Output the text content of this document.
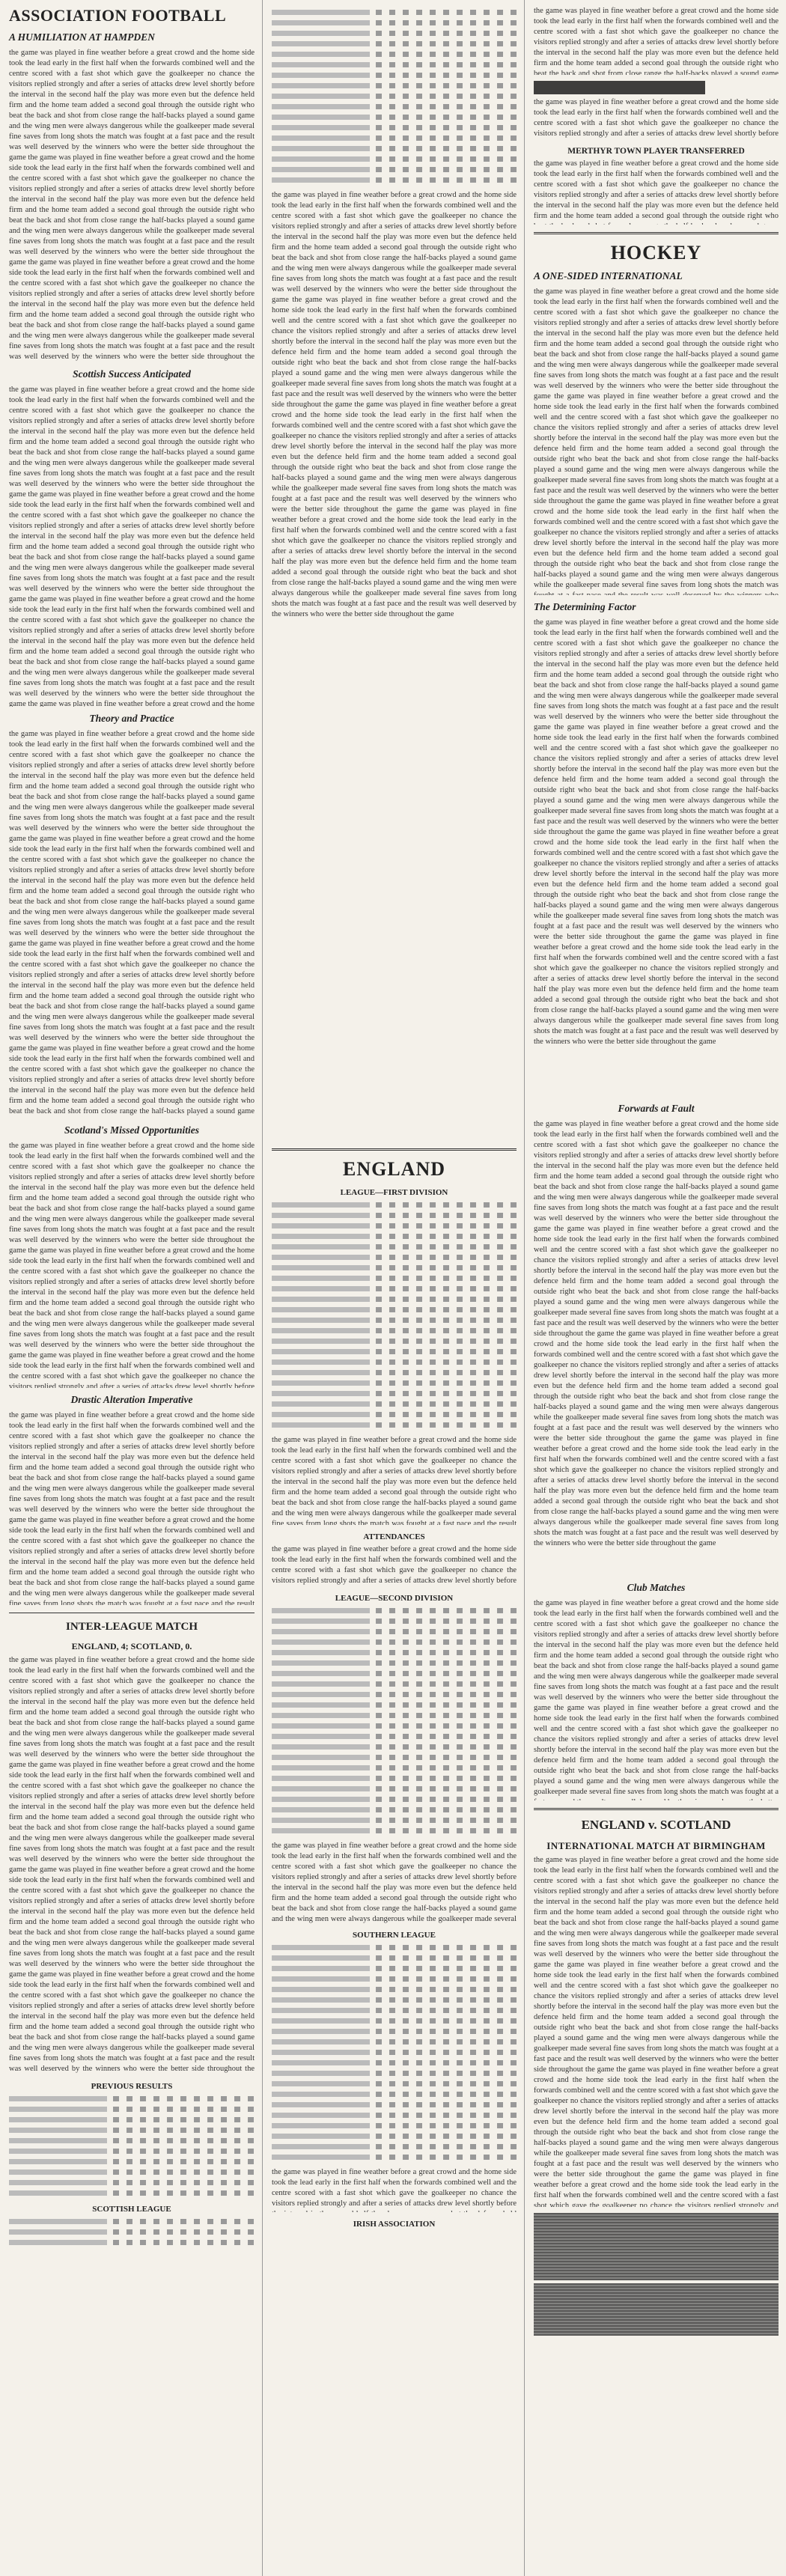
ASSOCIATION FOOTBALL
A HUMILIATION AT HAMPDEN
the game was played in fine weather before a great crowd and the home side took the lead early in the first half when the forwards combined well and the centre scored with a fast shot which gave the goalkeeper no chance the visitors replied strongly and after a series of attacks drew level shortly before the interval in the second half the play was more even but the defence held firm and the home team added a second goal through the outside right who beat the back and shot from close range the half-backs played a sound game and the wing men were always dangerous while the goalkeeper made several fine saves from long shots the match was fought at a fast pace and the result was well deserved by the winners who were the better side throughout the game the game was played in fine weather before a great crowd and the home side took the lead early in the first half when the forwards combined well and the centre scored with a fast shot which gave the goalkeeper no chance the visitors replied strongly and after a series of attacks drew level shortly before the interval in the second half the play was more even but the defence held firm and the home team added a second goal through the outside right who beat the back and shot from close range the half-backs played a sound game and the wing men were always dangerous while the goalkeeper made several fine saves from long shots the match was fought at a fast pace and the result was well deserved by the winners who were the better side throughout the game the game was played in fine weather before a great crowd and the home side took the lead early in the first half when the forwards combined well and the centre scored with a fast shot which gave the goalkeeper no chance the visitors replied strongly and after a series of attacks drew level shortly before the interval in the second half the play was more even but the defence held firm and the home team added a second goal through the outside right who beat the back and shot from close range the half-backs played a sound game and the wing men were always dangerous while the goalkeeper made several fine saves from long shots the match was fought at a fast pace and the result was well deserved by the winners who were the better side throughout the game the game was played in fine weather before a great crowd and the home side took the lead early in the first half when the forwards combined well and the centre scored with a fast shot which gave the goalkeeper no chance the visitors replied strongly and after a series of attacks drew level shortly before the interval in the second half the play was more even but the defence held firm and the home team added a second goal through the outside right who beat the back and shot from close range the half-backs played a sound game and the wing men were always dangerous while the goalkeeper made several fine saves from long shots the match was fought at a fast pace and the result was well deserved by the winners who were the better side throughout the game
Scottish Success Anticipated
the game was played in fine weather before a great crowd and the home side took the lead early in the first half when the forwards combined well and the centre scored with a fast shot which gave the goalkeeper no chance the visitors replied strongly and after a series of attacks drew level shortly before the interval in the second half the play was more even but the defence held firm and the home team added a second goal through the outside right who beat the back and shot from close range the half-backs played a sound game and the wing men were always dangerous while the goalkeeper made several fine saves from long shots the match was fought at a fast pace and the result was well deserved by the winners who were the better side throughout the game the game was played in fine weather before a great crowd and the home side took the lead early in the first half when the forwards combined well and the centre scored with a fast shot which gave the goalkeeper no chance the visitors replied strongly and after a series of attacks drew level shortly before the interval in the second half the play was more even but the defence held firm and the home team added a second goal through the outside right who beat the back and shot from close range the half-backs played a sound game and the wing men were always dangerous while the goalkeeper made several fine saves from long shots the match was fought at a fast pace and the result was well deserved by the winners who were the better side throughout the game the game was played in fine weather before a great crowd and the home side took the lead early in the first half when the forwards combined well and the centre scored with a fast shot which gave the goalkeeper no chance the visitors replied strongly and after a series of attacks drew level shortly before the interval in the second half the play was more even but the defence held firm and the home team added a second goal through the outside right who beat the back and shot from close range the half-backs played a sound game and the wing men were always dangerous while the goalkeeper made several fine saves from long shots the match was fought at a fast pace and the result was well deserved by the winners who were the better side throughout the game the game was played in fine weather before a great crowd and the home side took the lead early in the first half when the forwards combined well and the centre scored with a fast shot which gave the goalkeeper no chance the visitors replied strongly and after a series of attacks drew level shortly before the interval in the second half the play was more even but the defence held firm and the home team added a second goal through the outside right who beat the back and shot from close range the half-backs played a sound game and the wing men were always dangerous while the goalkeeper made several fine saves from long shots the match was fought at a fast pace and the result was well deserved by the winners who were the better side throughout the game
Theory and Practice
the game was played in fine weather before a great crowd and the home side took the lead early in the first half when the forwards combined well and the centre scored with a fast shot which gave the goalkeeper no chance the visitors replied strongly and after a series of attacks drew level shortly before the interval in the second half the play was more even but the defence held firm and the home team added a second goal through the outside right who beat the back and shot from close range the half-backs played a sound game and the wing men were always dangerous while the goalkeeper made several fine saves from long shots the match was fought at a fast pace and the result was well deserved by the winners who were the better side throughout the game the game was played in fine weather before a great crowd and the home side took the lead early in the first half when the forwards combined well and the centre scored with a fast shot which gave the goalkeeper no chance the visitors replied strongly and after a series of attacks drew level shortly before the interval in the second half the play was more even but the defence held firm and the home team added a second goal through the outside right who beat the back and shot from close range the half-backs played a sound game and the wing men were always dangerous while the goalkeeper made several fine saves from long shots the match was fought at a fast pace and the result was well deserved by the winners who were the better side throughout the game the game was played in fine weather before a great crowd and the home side took the lead early in the first half when the forwards combined well and the centre scored with a fast shot which gave the goalkeeper no chance the visitors replied strongly and after a series of attacks drew level shortly before the interval in the second half the play was more even but the defence held firm and the home team added a second goal through the outside right who beat the back and shot from close range the half-backs played a sound game and the wing men were always dangerous while the goalkeeper made several fine saves from long shots the match was fought at a fast pace and the result was well deserved by the winners who were the better side throughout the game the game was played in fine weather before a great crowd and the home side took the lead early in the first half when the forwards combined well and the centre scored with a fast shot which gave the goalkeeper no chance the visitors replied strongly and after a series of attacks drew level shortly before the interval in the second half the play was more even but the defence held firm and the home team added a second goal through the outside right who beat the back and shot from close range the half-backs played a sound game and the wing men were always dangerous while the goalkeeper made several fine saves from long shots the match was fought at a fast pace and the result was well deserved by the winners who were the better side throughout the game
Scotland's Missed Opportunities
the game was played in fine weather before a great crowd and the home side took the lead early in the first half when the forwards combined well and the centre scored with a fast shot which gave the goalkeeper no chance the visitors replied strongly and after a series of attacks drew level shortly before the interval in the second half the play was more even but the defence held firm and the home team added a second goal through the outside right who beat the back and shot from close range the half-backs played a sound game and the wing men were always dangerous while the goalkeeper made several fine saves from long shots the match was fought at a fast pace and the result was well deserved by the winners who were the better side throughout the game the game was played in fine weather before a great crowd and the home side took the lead early in the first half when the forwards combined well and the centre scored with a fast shot which gave the goalkeeper no chance the visitors replied strongly and after a series of attacks drew level shortly before the interval in the second half the play was more even but the defence held firm and the home team added a second goal through the outside right who beat the back and shot from close range the half-backs played a sound game and the wing men were always dangerous while the goalkeeper made several fine saves from long shots the match was fought at a fast pace and the result was well deserved by the winners who were the better side throughout the game the game was played in fine weather before a great crowd and the home side took the lead early in the first half when the forwards combined well and the centre scored with a fast shot which gave the goalkeeper no chance the visitors replied strongly and after a series of attacks drew level shortly before the interval in the second half the play was more even but the defence held firm and the home team added a second goal through the outside right who beat the back and shot from close range the half-backs played a sound game and the wing men were always dangerous while the goalkeeper made several fine saves from long shots the match was fought at a fast pace and the result was well deserved by the winners who were the better side throughout the game the game was played in fine weather before a great crowd and the home side took the lead early in the first half when the forwards combined well and the centre scored with a fast shot which gave the goalkeeper no chance the visitors replied strongly and after a series of attacks drew level shortly before the interval in the second half the play was more even but the defence held firm and the home team added a second goal through the outside right who beat the back and shot from close range the half-backs played a sound game and the wing men were always dangerous while the goalkeeper made several fine saves from long shots the match was fought at a fast pace and the result was well deserved by the winners who were the better side throughout the game
Drastic Alteration Imperative
the game was played in fine weather before a great crowd and the home side took the lead early in the first half when the forwards combined well and the centre scored with a fast shot which gave the goalkeeper no chance the visitors replied strongly and after a series of attacks drew level shortly before the interval in the second half the play was more even but the defence held firm and the home team added a second goal through the outside right who beat the back and shot from close range the half-backs played a sound game and the wing men were always dangerous while the goalkeeper made several fine saves from long shots the match was fought at a fast pace and the result was well deserved by the winners who were the better side throughout the game the game was played in fine weather before a great crowd and the home side took the lead early in the first half when the forwards combined well and the centre scored with a fast shot which gave the goalkeeper no chance the visitors replied strongly and after a series of attacks drew level shortly before the interval in the second half the play was more even but the defence held firm and the home team added a second goal through the outside right who beat the back and shot from close range the half-backs played a sound game and the wing men were always dangerous while the goalkeeper made several fine saves from long shots the match was fought at a fast pace and the result was well deserved by the winners who were the better side throughout the game the game was played in fine weather before a great crowd and the home side took the lead early in the first half when the forwards combined well and the centre scored with a fast shot which gave the goalkeeper no chance the visitors replied strongly and after a series of attacks drew level shortly before the interval in the second half the play was more even but the defence held firm and the home team added a second goal through the outside right who beat the back and shot from close range the half-backs played a sound game and the wing men were always dangerous while the goalkeeper made several fine saves from long shots the match was fought at a fast pace and the result was well deserved by the winners who were the better side throughout the game the game was played in fine weather before a great crowd and the home side took the lead early in the first half when the forwards combined well and the centre scored with a fast shot which gave the goalkeeper no chance the visitors replied strongly and after a series of attacks drew level shortly before the interval in the second half the play was more even but the defence held firm and the home team added a second goal through the outside right who beat the back and shot from close range the half-backs played a sound game and the wing men were always dangerous while the goalkeeper made several fine saves from long shots the match was fought at a fast pace and the result was well deserved by the winners who were the better side throughout the game
INTER-LEAGUE MATCH
ENGLAND, 4; SCOTLAND, 0.
the game was played in fine weather before a great crowd and the home side took the lead early in the first half when the forwards combined well and the centre scored with a fast shot which gave the goalkeeper no chance the visitors replied strongly and after a series of attacks drew level shortly before the interval in the second half the play was more even but the defence held firm and the home team added a second goal through the outside right who beat the back and shot from close range the half-backs played a sound game and the wing men were always dangerous while the goalkeeper made several fine saves from long shots the match was fought at a fast pace and the result was well deserved by the winners who were the better side throughout the game the game was played in fine weather before a great crowd and the home side took the lead early in the first half when the forwards combined well and the centre scored with a fast shot which gave the goalkeeper no chance the visitors replied strongly and after a series of attacks drew level shortly before the interval in the second half the play was more even but the defence held firm and the home team added a second goal through the outside right who beat the back and shot from close range the half-backs played a sound game and the wing men were always dangerous while the goalkeeper made several fine saves from long shots the match was fought at a fast pace and the result was well deserved by the winners who were the better side throughout the game the game was played in fine weather before a great crowd and the home side took the lead early in the first half when the forwards combined well and the centre scored with a fast shot which gave the goalkeeper no chance the visitors replied strongly and after a series of attacks drew level shortly before the interval in the second half the play was more even but the defence held firm and the home team added a second goal through the outside right who beat the back and shot from close range the half-backs played a sound game and the wing men were always dangerous while the goalkeeper made several fine saves from long shots the match was fought at a fast pace and the result was well deserved by the winners who were the better side throughout the game the game was played in fine weather before a great crowd and the home side took the lead early in the first half when the forwards combined well and the centre scored with a fast shot which gave the goalkeeper no chance the visitors replied strongly and after a series of attacks drew level shortly before the interval in the second half the play was more even but the defence held firm and the home team added a second goal through the outside right who beat the back and shot from close range the half-backs played a sound game and the wing men were always dangerous while the goalkeeper made several fine saves from long shots the match was fought at a fast pace and the result was well deserved by the winners who were the better side throughout the game
PREVIOUS RESULTS
SCOTTISH LEAGUE
the game was played in fine weather before a great crowd and the home side took the lead early in the first half when the forwards combined well and the centre scored with a fast shot which gave the goalkeeper no chance the visitors replied strongly and after a series of attacks drew level shortly before the interval in the second half the play was more even but the defence held firm and the home team added a second goal through the outside right who beat the back and shot from close range the half-backs played a sound game and the wing men were always dangerous while the goalkeeper made several fine saves from long shots the match was fought at a fast pace and the result was well deserved by the winners who were the better side throughout the game the game was played in fine weather before a great crowd and the home side took the lead early in the first half when the forwards combined well and the centre scored with a fast shot which gave the goalkeeper no chance the visitors replied strongly and after a series of attacks drew level shortly before the interval in the second half the play was more even but the defence held firm and the home team added a second goal through the outside right who beat the back and shot from close range the half-backs played a sound game and the wing men were always dangerous while the goalkeeper made several fine saves from long shots the match was fought at a fast pace and the result was well deserved by the winners who were the better side throughout the game the game was played in fine weather before a great crowd and the home side took the lead early in the first half when the forwards combined well and the centre scored with a fast shot which gave the goalkeeper no chance the visitors replied strongly and after a series of attacks drew level shortly before the interval in the second half the play was more even but the defence held firm and the home team added a second goal through the outside right who beat the back and shot from close range the half-backs played a sound game and the wing men were always dangerous while the goalkeeper made several fine saves from long shots the match was fought at a fast pace and the result was well deserved by the winners who were the better side throughout the game the game was played in fine weather before a great crowd and the home side took the lead early in the first half when the forwards combined well and the centre scored with a fast shot which gave the goalkeeper no chance the visitors replied strongly and after a series of attacks drew level shortly before the interval in the second half the play was more even but the defence held firm and the home team added a second goal through the outside right who beat the back and shot from close range the half-backs played a sound game and the wing men were always dangerous while the goalkeeper made several fine saves from long shots the match was fought at a fast pace and the result was well deserved by the winners who were the better side throughout the game
ENGLAND
LEAGUE—FIRST DIVISION
the game was played in fine weather before a great crowd and the home side took the lead early in the first half when the forwards combined well and the centre scored with a fast shot which gave the goalkeeper no chance the visitors replied strongly and after a series of attacks drew level shortly before the interval in the second half the play was more even but the defence held firm and the home team added a second goal through the outside right who beat the back and shot from close range the half-backs played a sound game and the wing men were always dangerous while the goalkeeper made several fine saves from long shots the match was fought at a fast pace and the result was well deserved by the winners who were the better side throughout the game the game was played in fine weather before a great crowd and the home side took the lead early in the first half when the forwards combined well and the centre scored with a fast shot which gave the goalkeeper no chance the visitors replied strongly and after a series of attacks drew level shortly before the interval in the second half the play was more even but the defence held firm and the home team added a second goal through the outside right who beat the back and shot from close range the half-backs played a sound game and the wing men were always dangerous while the goalkeeper made several fine saves from long shots the match was fought at a fast pace and the result was well deserved by the winners who were the better side throughout the game the game was played in fine weather before a great crowd and the home side took the lead early in the first half when the forwards combined well and the centre scored with a fast shot which gave the goalkeeper no chance the visitors replied strongly and after a series of attacks drew level shortly before the interval in the second half the play was more even but the defence held firm and the home team added a second goal through the outside right who beat the back and shot from close range the half-backs played a sound game and the wing men were always dangerous while the goalkeeper made several fine saves from long shots the match was fought at a fast pace and the result was well deserved by the winners who were the better side throughout the game the game was played in fine weather before a great crowd and the home side took the lead early in the first half when the forwards combined well and the centre scored with a fast shot which gave the goalkeeper no chance the visitors replied strongly and after a series of attacks drew level shortly before the interval in the second half the play was more even but the defence held firm and the home team added a second goal through the outside right who beat the back and shot from close range the half-backs played a sound game and the wing men were always dangerous while the goalkeeper made several fine saves from long shots the match was fought at a fast pace and the result was well deserved by the winners who were the better side throughout the game
ATTENDANCES
the game was played in fine weather before a great crowd and the home side took the lead early in the first half when the forwards combined well and the centre scored with a fast shot which gave the goalkeeper no chance the visitors replied strongly and after a series of attacks drew level shortly before the interval in the second half the play was more even but the defence held firm and the home team added a second goal through the outside right who beat the back and shot from close range the half-backs played a sound game and the wing men were always dangerous while the goalkeeper made several fine saves from long shots the match was fought at a fast pace and the result was well deserved by the winners who were the better side throughout the game the game was played in fine weather before a great crowd and the home side took the lead early in the first half when the forwards combined well and the centre scored with a fast shot which gave the goalkeeper no chance the visitors replied strongly and after a series of attacks drew level shortly before the interval in the second half the play was more even but the defence held firm and the home team added a second goal through the outside right who beat the back and shot from close range the half-backs played a sound game and the wing men were always dangerous while the goalkeeper made several fine saves from long shots the match was fought at a fast pace and the result was well deserved by the winners who were the better side throughout the game the game was played in fine weather before a great crowd and the home side took the lead early in the first half when the forwards combined well and the centre scored with a fast shot which gave the goalkeeper no chance the visitors replied strongly and after a series of attacks drew level shortly before the interval in the second half the play was more even but the defence held firm and the home team added a second goal through the outside right who beat the back and shot from close range the half-backs played a sound game and the wing men were always dangerous while the goalkeeper made several fine saves from long shots the match was fought at a fast pace and the result was well deserved by the winners who were the better side throughout the game the game was played in fine weather before a great crowd and the home side took the lead early in the first half when the forwards combined well and the centre scored with a fast shot which gave the goalkeeper no chance the visitors replied strongly and after a series of attacks drew level shortly before the interval in the second half the play was more even but the defence held firm and the home team added a second goal through the outside right who beat the back and shot from close range the half-backs played a sound game and the wing men were always dangerous while the goalkeeper made several fine saves from long shots the match was fought at a fast pace and the result was well deserved by the winners who were the better side throughout the game
LEAGUE—SECOND DIVISION
the game was played in fine weather before a great crowd and the home side took the lead early in the first half when the forwards combined well and the centre scored with a fast shot which gave the goalkeeper no chance the visitors replied strongly and after a series of attacks drew level shortly before the interval in the second half the play was more even but the defence held firm and the home team added a second goal through the outside right who beat the back and shot from close range the half-backs played a sound game and the wing men were always dangerous while the goalkeeper made several fine saves from long shots the match was fought at a fast pace and the result was well deserved by the winners who were the better side throughout the game the game was played in fine weather before a great crowd and the home side took the lead early in the first half when the forwards combined well and the centre scored with a fast shot which gave the goalkeeper no chance the visitors replied strongly and after a series of attacks drew level shortly before the interval in the second half the play was more even but the defence held firm and the home team added a second goal through the outside right who beat the back and shot from close range the half-backs played a sound game and the wing men were always dangerous while the goalkeeper made several fine saves from long shots the match was fought at a fast pace and the result was well deserved by the winners who were the better side throughout the game the game was played in fine weather before a great crowd and the home side took the lead early in the first half when the forwards combined well and the centre scored with a fast shot which gave the goalkeeper no chance the visitors replied strongly and after a series of attacks drew level shortly before the interval in the second half the play was more even but the defence held firm and the home team added a second goal through the outside right who beat the back and shot from close range the half-backs played a sound game and the wing men were always dangerous while the goalkeeper made several fine saves from long shots the match was fought at a fast pace and the result was well deserved by the winners who were the better side throughout the game the game was played in fine weather before a great crowd and the home side took the lead early in the first half when the forwards combined well and the centre scored with a fast shot which gave the goalkeeper no chance the visitors replied strongly and after a series of attacks drew level shortly before the interval in the second half the play was more even but the defence held firm and the home team added a second goal through the outside right who beat the back and shot from close range the half-backs played a sound game and the wing men were always dangerous while the goalkeeper made several fine saves from long shots the match was fought at a fast pace and the result was well deserved by the winners who were the better side throughout the game
SOUTHERN LEAGUE
the game was played in fine weather before a great crowd and the home side took the lead early in the first half when the forwards combined well and the centre scored with a fast shot which gave the goalkeeper no chance the visitors replied strongly and after a series of attacks drew level shortly before the interval in the second half the play was more even but the defence held firm and the home team added a second goal through the outside right who beat the back and shot from close range the half-backs played a sound game and the wing men were always dangerous while the goalkeeper made several fine saves from long shots the match was fought at a fast pace and the result was well deserved by the winners who were the better side throughout the game the game was played in fine weather before a great crowd and the home side took the lead early in the first half when the forwards combined well and the centre scored with a fast shot which gave the goalkeeper no chance the visitors replied strongly and after a series of attacks drew level shortly before the interval in the second half the play was more even but the defence held firm and the home team added a second goal through the outside right who beat the back and shot from close range the half-backs played a sound game and the wing men were always dangerous while the goalkeeper made several fine saves from long shots the match was fought at a fast pace and the result was well deserved by the winners who were the better side throughout the game the game was played in fine weather before a great crowd and the home side took the lead early in the first half when the forwards combined well and the centre scored with a fast shot which gave the goalkeeper no chance the visitors replied strongly and after a series of attacks drew level shortly before the interval in the second half the play was more even but the defence held firm and the home team added a second goal through the outside right who beat the back and shot from close range the half-backs played a sound game and the wing men were always dangerous while the goalkeeper made several fine saves from long shots the match was fought at a fast pace and the result was well deserved by the winners who were the better side throughout the game the game was played in fine weather before a great crowd and the home side took the lead early in the first half when the forwards combined well and the centre scored with a fast shot which gave the goalkeeper no chance the visitors replied strongly and after a series of attacks drew level shortly before the interval in the second half the play was more even but the defence held firm and the home team added a second goal through the outside right who beat the back and shot from close range the half-backs played a sound game and the wing men were always dangerous while the goalkeeper made several fine saves from long shots the match was fought at a fast pace and the result was well deserved by the winners who were the better side throughout the game
IRISH ASSOCIATION
the game was played in fine weather before a great crowd and the home side took the lead early in the first half when the forwards combined well and the centre scored with a fast shot which gave the goalkeeper no chance the visitors replied strongly and after a series of attacks drew level shortly before the interval in the second half the play was more even but the defence held firm and the home team added a second goal through the outside right who beat the back and shot from close range the half-backs played a sound game and the wing men were always dangerous while the goalkeeper made several fine saves from long shots the match was fought at a fast pace and the result was well deserved by the winners who were the better side throughout the game the game was played in fine weather before a great crowd and the home side took the lead early in the first half when the forwards combined well and the centre scored with a fast shot which gave the goalkeeper no chance the visitors replied strongly and after a series of attacks drew level shortly before the interval in the second half the play was more even but the defence held firm and the home team added a second goal through the outside right who beat the back and shot from close range the half-backs played a sound game and the wing men were always dangerous while the goalkeeper made several fine saves from long shots the match was fought at a fast pace and the result was well deserved by the winners who were the better side throughout the game the game was played in fine weather before a great crowd and the home side took the lead early in the first half when the forwards combined well and the centre scored with a fast shot which gave the goalkeeper no chance the visitors replied strongly and after a series of attacks drew level shortly before the interval in the second half the play was more even but the defence held firm and the home team added a second goal through the outside right who beat the back and shot from close range the half-backs played a sound game and the wing men were always dangerous while the goalkeeper made several fine saves from long shots the match was fought at a fast pace and the result was well deserved by the winners who were the better side throughout the game the game was played in fine weather before a great crowd and the home side took the lead early in the first half when the forwards combined well and the centre scored with a fast shot which gave the goalkeeper no chance the visitors replied strongly and after a series of attacks drew level shortly before the interval in the second half the play was more even but the defence held firm and the home team added a second goal through the outside right who beat the back and shot from close range the half-backs played a sound game and the wing men were always dangerous while the goalkeeper made several fine saves from long shots the match was fought at a fast pace and the result was well deserved by the winners who were the better side throughout the game
the game was played in fine weather before a great crowd and the home side took the lead early in the first half when the forwards combined well and the centre scored with a fast shot which gave the goalkeeper no chance the visitors replied strongly and after a series of attacks drew level shortly before the interval in the second half the play was more even but the defence held firm and the home team added a second goal through the outside right who beat the back and shot from close range the half-backs played a sound game and the wing men were always dangerous while the goalkeeper made several fine saves from long shots the match was fought at a fast pace and the result was well deserved by the winners who were the better side throughout the game the game was played in fine weather before a great crowd and the home side took the lead early in the first half when the forwards combined well and the centre scored with a fast shot which gave the goalkeeper no chance the visitors replied strongly and after a series of attacks drew level shortly before the interval in the second half the play was more even but the defence held firm and the home team added a second goal through the outside right who beat the back and shot from close range the half-backs played a sound game and the wing men were always dangerous while the goalkeeper made several fine saves from long shots the match was fought at a fast pace and the result was well deserved by the winners who were the better side throughout the game the game was played in fine weather before a great crowd and the home side took the lead early in the first half when the forwards combined well and the centre scored with a fast shot which gave the goalkeeper no chance the visitors replied strongly and after a series of attacks drew level shortly before the interval in the second half the play was more even but the defence held firm and the home team added a second goal through the outside right who beat the back and shot from close range the half-backs played a sound game and the wing men were always dangerous while the goalkeeper made several fine saves from long shots the match was fought at a fast pace and the result was well deserved by the winners who were the better side throughout the game the game was played in fine weather before a great crowd and the home side took the lead early in the first half when the forwards combined well and the centre scored with a fast shot which gave the goalkeeper no chance the visitors replied strongly and after a series of attacks drew level shortly before the interval in the second half the play was more even but the defence held firm and the home team added a second goal through the outside right who beat the back and shot from close range the half-backs played a sound game and the wing men were always dangerous while the goalkeeper made several fine saves from long shots the match was fought at a fast pace and the result was well deserved by the winners who were the better side throughout the game
MERTHYR TOWN PLAYER TRANSFERRED
the game was played in fine weather before a great crowd and the home side took the lead early in the first half when the forwards combined well and the centre scored with a fast shot which gave the goalkeeper no chance the visitors replied strongly and after a series of attacks drew level shortly before the interval in the second half the play was more even but the defence held firm and the home team added a second goal through the outside right who beat the back and shot from close range the half-backs played a sound game and the wing men were always dangerous while the goalkeeper made several fine saves from long shots the match was fought at a fast pace and the result was well deserved by the winners who were the better side throughout the game the game was played in fine weather before a great crowd and the home side took the lead early in the first half when the forwards combined well and the centre scored with a fast shot which gave the goalkeeper no chance the visitors replied strongly and after a series of attacks drew level shortly before the interval in the second half the play was more even but the defence held firm and the home team added a second goal through the outside right who beat the back and shot from close range the half-backs played a sound game and the wing men were always dangerous while the goalkeeper made several fine saves from long shots the match was fought at a fast pace and the result was well deserved by the winners who were the better side throughout the game the game was played in fine weather before a great crowd and the home side took the lead early in the first half when the forwards combined well and the centre scored with a fast shot which gave the goalkeeper no chance the visitors replied strongly and after a series of attacks drew level shortly before the interval in the second half the play was more even but the defence held firm and the home team added a second goal through the outside right who beat the back and shot from close range the half-backs played a sound game and the wing men were always dangerous while the goalkeeper made several fine saves from long shots the match was fought at a fast pace and the result was well deserved by the winners who were the better side throughout the game the game was played in fine weather before a great crowd and the home side took the lead early in the first half when the forwards combined well and the centre scored with a fast shot which gave the goalkeeper no chance the visitors replied strongly and after a series of attacks drew level shortly before the interval in the second half the play was more even but the defence held firm and the home team added a second goal through the outside right who beat the back and shot from close range the half-backs played a sound game and the wing men were always dangerous while the goalkeeper made several fine saves from long shots the match was fought at a fast pace and the result was well deserved by the winners who were the better side throughout the game
HOCKEY
A ONE-SIDED INTERNATIONAL
the game was played in fine weather before a great crowd and the home side took the lead early in the first half when the forwards combined well and the centre scored with a fast shot which gave the goalkeeper no chance the visitors replied strongly and after a series of attacks drew level shortly before the interval in the second half the play was more even but the defence held firm and the home team added a second goal through the outside right who beat the back and shot from close range the half-backs played a sound game and the wing men were always dangerous while the goalkeeper made several fine saves from long shots the match was fought at a fast pace and the result was well deserved by the winners who were the better side throughout the game the game was played in fine weather before a great crowd and the home side took the lead early in the first half when the forwards combined well and the centre scored with a fast shot which gave the goalkeeper no chance the visitors replied strongly and after a series of attacks drew level shortly before the interval in the second half the play was more even but the defence held firm and the home team added a second goal through the outside right who beat the back and shot from close range the half-backs played a sound game and the wing men were always dangerous while the goalkeeper made several fine saves from long shots the match was fought at a fast pace and the result was well deserved by the winners who were the better side throughout the game the game was played in fine weather before a great crowd and the home side took the lead early in the first half when the forwards combined well and the centre scored with a fast shot which gave the goalkeeper no chance the visitors replied strongly and after a series of attacks drew level shortly before the interval in the second half the play was more even but the defence held firm and the home team added a second goal through the outside right who beat the back and shot from close range the half-backs played a sound game and the wing men were always dangerous while the goalkeeper made several fine saves from long shots the match was fought at a fast pace and the result was well deserved by the winners who were the better side throughout the game the game was played in fine weather before a great crowd and the home side took the lead early in the first half when the forwards combined well and the centre scored with a fast shot which gave the goalkeeper no chance the visitors replied strongly and after a series of attacks drew level shortly before the interval in the second half the play was more even but the defence held firm and the home team added a second goal through the outside right who beat the back and shot from close range the half-backs played a sound game and the wing men were always dangerous while the goalkeeper made several fine saves from long shots the match was fought at a fast pace and the result was well deserved by the winners who were the better side throughout the game
The Determining Factor
the game was played in fine weather before a great crowd and the home side took the lead early in the first half when the forwards combined well and the centre scored with a fast shot which gave the goalkeeper no chance the visitors replied strongly and after a series of attacks drew level shortly before the interval in the second half the play was more even but the defence held firm and the home team added a second goal through the outside right who beat the back and shot from close range the half-backs played a sound game and the wing men were always dangerous while the goalkeeper made several fine saves from long shots the match was fought at a fast pace and the result was well deserved by the winners who were the better side throughout the game the game was played in fine weather before a great crowd and the home side took the lead early in the first half when the forwards combined well and the centre scored with a fast shot which gave the goalkeeper no chance the visitors replied strongly and after a series of attacks drew level shortly before the interval in the second half the play was more even but the defence held firm and the home team added a second goal through the outside right who beat the back and shot from close range the half-backs played a sound game and the wing men were always dangerous while the goalkeeper made several fine saves from long shots the match was fought at a fast pace and the result was well deserved by the winners who were the better side throughout the game the game was played in fine weather before a great crowd and the home side took the lead early in the first half when the forwards combined well and the centre scored with a fast shot which gave the goalkeeper no chance the visitors replied strongly and after a series of attacks drew level shortly before the interval in the second half the play was more even but the defence held firm and the home team added a second goal through the outside right who beat the back and shot from close range the half-backs played a sound game and the wing men were always dangerous while the goalkeeper made several fine saves from long shots the match was fought at a fast pace and the result was well deserved by the winners who were the better side throughout the game the game was played in fine weather before a great crowd and the home side took the lead early in the first half when the forwards combined well and the centre scored with a fast shot which gave the goalkeeper no chance the visitors replied strongly and after a series of attacks drew level shortly before the interval in the second half the play was more even but the defence held firm and the home team added a second goal through the outside right who beat the back and shot from close range the half-backs played a sound game and the wing men were always dangerous while the goalkeeper made several fine saves from long shots the match was fought at a fast pace and the result was well deserved by the winners who were the better side throughout the game
Forwards at Fault
the game was played in fine weather before a great crowd and the home side took the lead early in the first half when the forwards combined well and the centre scored with a fast shot which gave the goalkeeper no chance the visitors replied strongly and after a series of attacks drew level shortly before the interval in the second half the play was more even but the defence held firm and the home team added a second goal through the outside right who beat the back and shot from close range the half-backs played a sound game and the wing men were always dangerous while the goalkeeper made several fine saves from long shots the match was fought at a fast pace and the result was well deserved by the winners who were the better side throughout the game the game was played in fine weather before a great crowd and the home side took the lead early in the first half when the forwards combined well and the centre scored with a fast shot which gave the goalkeeper no chance the visitors replied strongly and after a series of attacks drew level shortly before the interval in the second half the play was more even but the defence held firm and the home team added a second goal through the outside right who beat the back and shot from close range the half-backs played a sound game and the wing men were always dangerous while the goalkeeper made several fine saves from long shots the match was fought at a fast pace and the result was well deserved by the winners who were the better side throughout the game the game was played in fine weather before a great crowd and the home side took the lead early in the first half when the forwards combined well and the centre scored with a fast shot which gave the goalkeeper no chance the visitors replied strongly and after a series of attacks drew level shortly before the interval in the second half the play was more even but the defence held firm and the home team added a second goal through the outside right who beat the back and shot from close range the half-backs played a sound game and the wing men were always dangerous while the goalkeeper made several fine saves from long shots the match was fought at a fast pace and the result was well deserved by the winners who were the better side throughout the game the game was played in fine weather before a great crowd and the home side took the lead early in the first half when the forwards combined well and the centre scored with a fast shot which gave the goalkeeper no chance the visitors replied strongly and after a series of attacks drew level shortly before the interval in the second half the play was more even but the defence held firm and the home team added a second goal through the outside right who beat the back and shot from close range the half-backs played a sound game and the wing men were always dangerous while the goalkeeper made several fine saves from long shots the match was fought at a fast pace and the result was well deserved by the winners who were the better side throughout the game
Club Matches
the game was played in fine weather before a great crowd and the home side took the lead early in the first half when the forwards combined well and the centre scored with a fast shot which gave the goalkeeper no chance the visitors replied strongly and after a series of attacks drew level shortly before the interval in the second half the play was more even but the defence held firm and the home team added a second goal through the outside right who beat the back and shot from close range the half-backs played a sound game and the wing men were always dangerous while the goalkeeper made several fine saves from long shots the match was fought at a fast pace and the result was well deserved by the winners who were the better side throughout the game the game was played in fine weather before a great crowd and the home side took the lead early in the first half when the forwards combined well and the centre scored with a fast shot which gave the goalkeeper no chance the visitors replied strongly and after a series of attacks drew level shortly before the interval in the second half the play was more even but the defence held firm and the home team added a second goal through the outside right who beat the back and shot from close range the half-backs played a sound game and the wing men were always dangerous while the goalkeeper made several fine saves from long shots the match was fought at a fast pace and the result was well deserved by the winners who were the better side throughout the game the game was played in fine weather before a great crowd and the home side took the lead early in the first half when the forwards combined well and the centre scored with a fast shot which gave the goalkeeper no chance the visitors replied strongly and after a series of attacks drew level shortly before the interval in the second half the play was more even but the defence held firm and the home team added a second goal through the outside right who beat the back and shot from close range the half-backs played a sound game and the wing men were always dangerous while the goalkeeper made several fine saves from long shots the match was fought at a fast pace and the result was well deserved by the winners who were the better side throughout the game the game was played in fine weather before a great crowd and the home side took the lead early in the first half when the forwards combined well and the centre scored with a fast shot which gave the goalkeeper no chance the visitors replied strongly and after a series of attacks drew level shortly before the interval in the second half the play was more even but the defence held firm and the home team added a second goal through the outside right who beat the back and shot from close range the half-backs played a sound game and the wing men were always dangerous while the goalkeeper made several fine saves from long shots the match was fought at a fast pace and the result was well deserved by the winners who were the better side throughout the game
ENGLAND v. SCOTLAND
INTERNATIONAL MATCH AT BIRMINGHAM
the game was played in fine weather before a great crowd and the home side took the lead early in the first half when the forwards combined well and the centre scored with a fast shot which gave the goalkeeper no chance the visitors replied strongly and after a series of attacks drew level shortly before the interval in the second half the play was more even but the defence held firm and the home team added a second goal through the outside right who beat the back and shot from close range the half-backs played a sound game and the wing men were always dangerous while the goalkeeper made several fine saves from long shots the match was fought at a fast pace and the result was well deserved by the winners who were the better side throughout the game the game was played in fine weather before a great crowd and the home side took the lead early in the first half when the forwards combined well and the centre scored with a fast shot which gave the goalkeeper no chance the visitors replied strongly and after a series of attacks drew level shortly before the interval in the second half the play was more even but the defence held firm and the home team added a second goal through the outside right who beat the back and shot from close range the half-backs played a sound game and the wing men were always dangerous while the goalkeeper made several fine saves from long shots the match was fought at a fast pace and the result was well deserved by the winners who were the better side throughout the game the game was played in fine weather before a great crowd and the home side took the lead early in the first half when the forwards combined well and the centre scored with a fast shot which gave the goalkeeper no chance the visitors replied strongly and after a series of attacks drew level shortly before the interval in the second half the play was more even but the defence held firm and the home team added a second goal through the outside right who beat the back and shot from close range the half-backs played a sound game and the wing men were always dangerous while the goalkeeper made several fine saves from long shots the match was fought at a fast pace and the result was well deserved by the winners who were the better side throughout the game the game was played in fine weather before a great crowd and the home side took the lead early in the first half when the forwards combined well and the centre scored with a fast shot which gave the goalkeeper no chance the visitors replied strongly and after a series of attacks drew level shortly before the interval in the second half the play was more even but the defence held firm and the home team added a second goal through the outside right who beat the back and shot from close range the half-backs played a sound game and the wing men were always dangerous while the goalkeeper made several fine saves from long shots the match was fought at a fast pace and the result was well deserved by the winners who were the better side throughout the game
